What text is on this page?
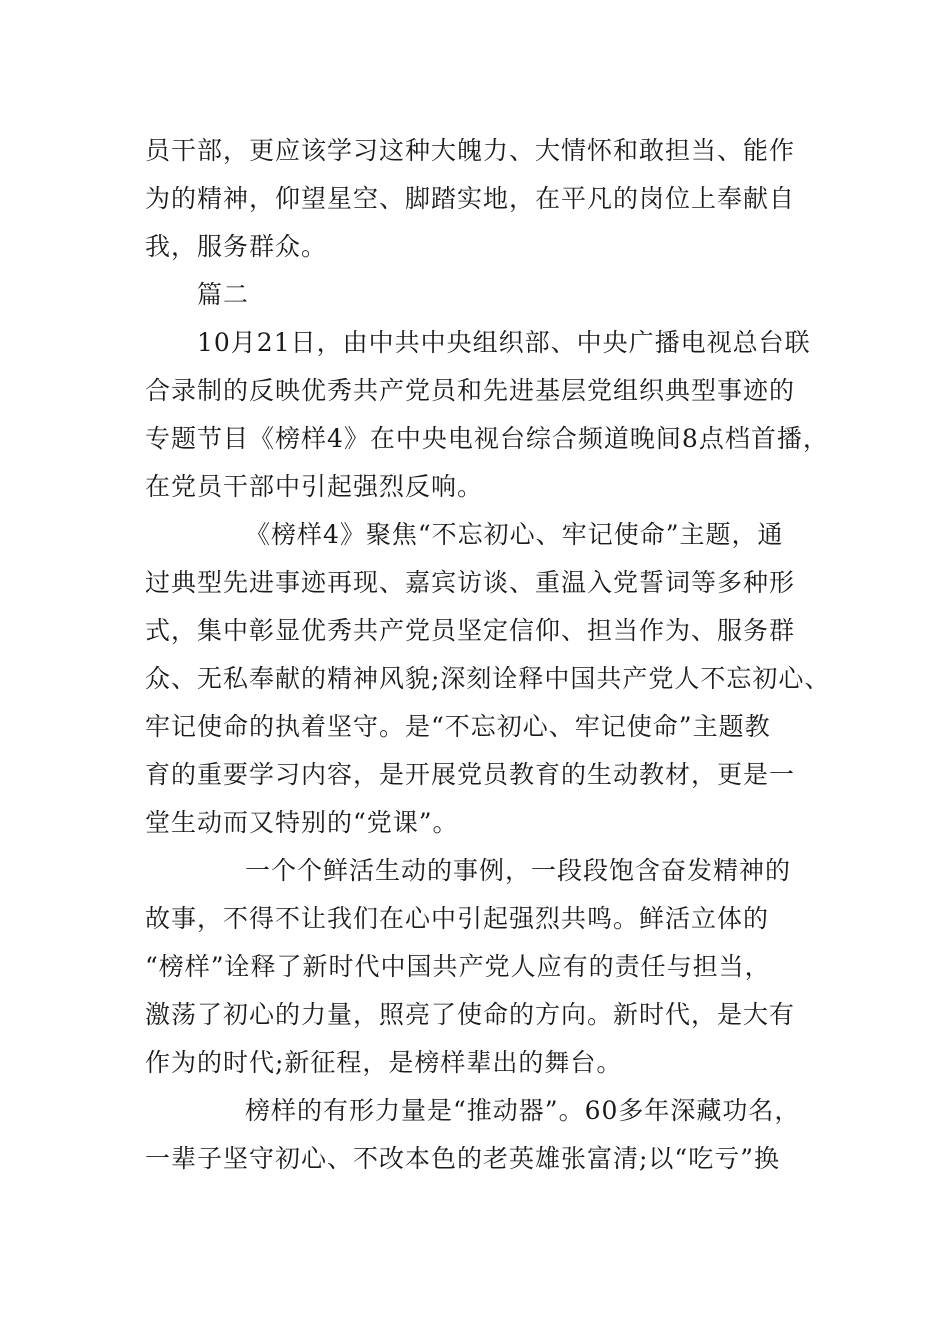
员干部，更应该学习这种大魄力、大情怀和敢担当、能作
为的精神，仰望星空、脚踏实地，在平凡的岗位上奉献自
我，服务群众。
篇二
10月21日，由中共中央组织部、中央广播电视总台联
合录制的反映优秀共产党员和先进基层党组织典型事迹的
专题节目《榜样4》在中央电视台综合频道晚间8点档首播，
在党员干部中引起强烈反响。
《榜样4》聚焦“不忘初心、牢记使命”主题，通
过典型先进事迹再现、嘉宾访谈、重温入党誓词等多种形
式，集中彰显优秀共产党员坚定信仰、担当作为、服务群
众、无私奉献的精神风貌;深刻诠释中国共产党人不忘初心、
牢记使命的执着坚守。是“不忘初心、牢记使命”主题教
育的重要学习内容，是开展党员教育的生动教材，更是一
堂生动而又特别的“党课”。
一个个鲜活生动的事例，一段段饱含奋发精神的
故事，不得不让我们在心中引起强烈共鸣。鲜活立体的
“榜样”诠释了新时代中国共产党人应有的责任与担当，
激荡了初心的力量，照亮了使命的方向。新时代，是大有
作为的时代;新征程，是榜样辈出的舞台。
榜样的有形力量是“推动器”。60多年深藏功名，
一辈子坚守初心、不改本色的老英雄张富清;以“吃亏”换
